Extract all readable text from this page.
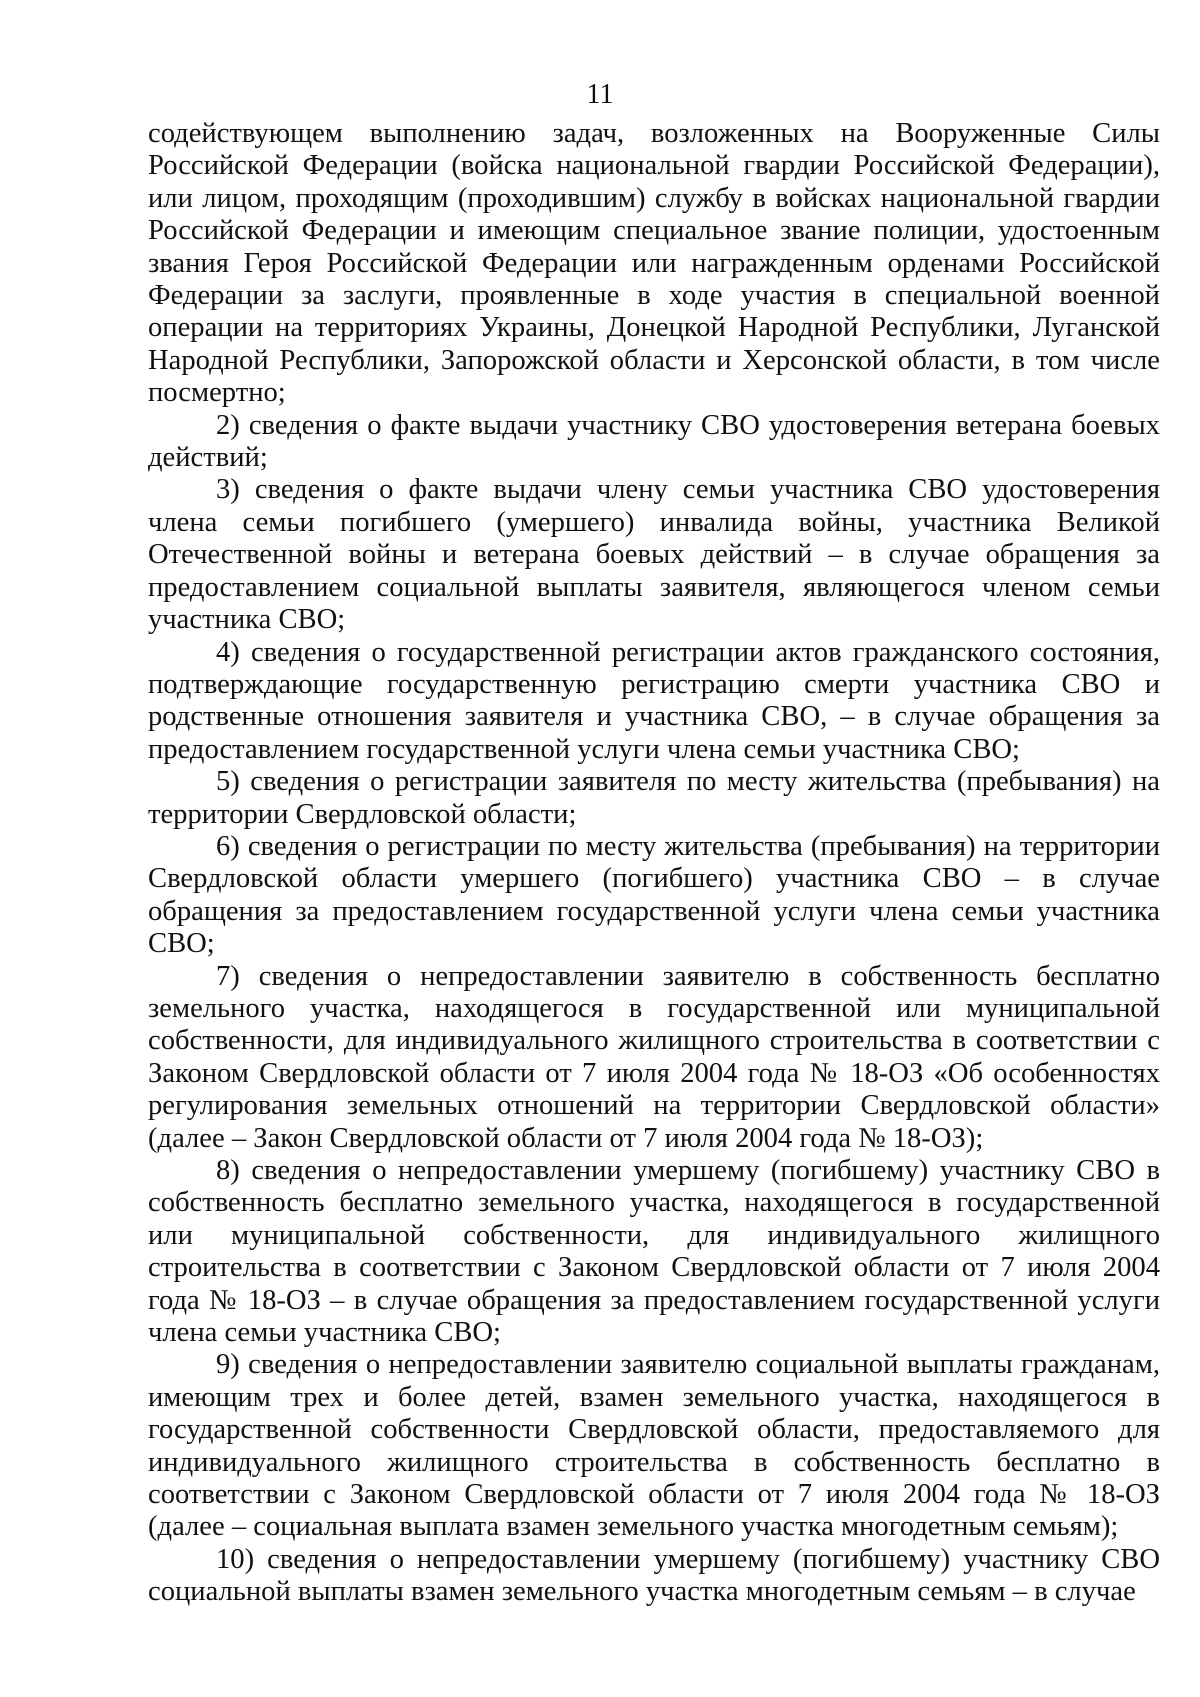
11

содействующем выполнению задач, возложенных на Вооруженные Силы Российской Федерации (войска национальной гвардии Российской Федерации), или лицом, проходящим (проходившим) службу в войсках национальной гвардии Российской Федерации и имеющим специальное звание полиции, удостоенным звания Героя Российской Федерации или награжденным орденами Российской Федерации за заслуги, проявленные в ходе участия в специальной военной операции на территориях Украины, Донецкой Народной Республики, Луганской Народной Республики, Запорожской области и Херсонской области, в том числе посмертно;

2) сведения о факте выдачи участнику СВО удостоверения ветерана боевых действий;

3) сведения о факте выдачи члену семьи участника СВО удостоверения члена семьи погибшего (умершего) инвалида войны, участника Великой Отечественной войны и ветерана боевых действий – в случае обращения за предоставлением социальной выплаты заявителя, являющегося членом семьи участника СВО;

4) сведения о государственной регистрации актов гражданского состояния, подтверждающие государственную регистрацию смерти участника СВО и родственные отношения заявителя и участника СВО, – в случае обращения за предоставлением государственной услуги члена семьи участника СВО;

5) сведения о регистрации заявителя по месту жительства (пребывания) на территории Свердловской области;

6) сведения о регистрации по месту жительства (пребывания) на территории Свердловской области умершего (погибшего) участника СВО – в случае обращения за предоставлением государственной услуги члена семьи участника СВО;

7) сведения о непредоставлении заявителю в собственность бесплатно земельного участка, находящегося в государственной или муниципальной собственности, для индивидуального жилищного строительства в соответствии с Законом Свердловской области от 7 июля 2004 года № 18-ОЗ «Об особенностях регулирования земельных отношений на территории Свердловской области» (далее – Закон Свердловской области от 7 июля 2004 года № 18-ОЗ);

8) сведения о непредоставлении умершему (погибшему) участнику СВО в собственность бесплатно земельного участка, находящегося в государственной или муниципальной собственности, для индивидуального жилищного строительства в соответствии с Законом Свердловской области от 7 июля 2004 года № 18-ОЗ – в случае обращения за предоставлением государственной услуги члена семьи участника СВО;

9) сведения о непредоставлении заявителю социальной выплаты гражданам, имеющим трех и более детей, взамен земельного участка, находящегося в государственной собственности Свердловской области, предоставляемого для индивидуального жилищного строительства в собственность бесплатно в соответствии с Законом Свердловской области от 7 июля 2004 года № 18-ОЗ (далее – социальная выплата взамен земельного участка многодетным семьям);

10) сведения о непредоставлении умершему (погибшему) участнику СВО социальной выплаты взамен земельного участка многодетным семьям – в случае
